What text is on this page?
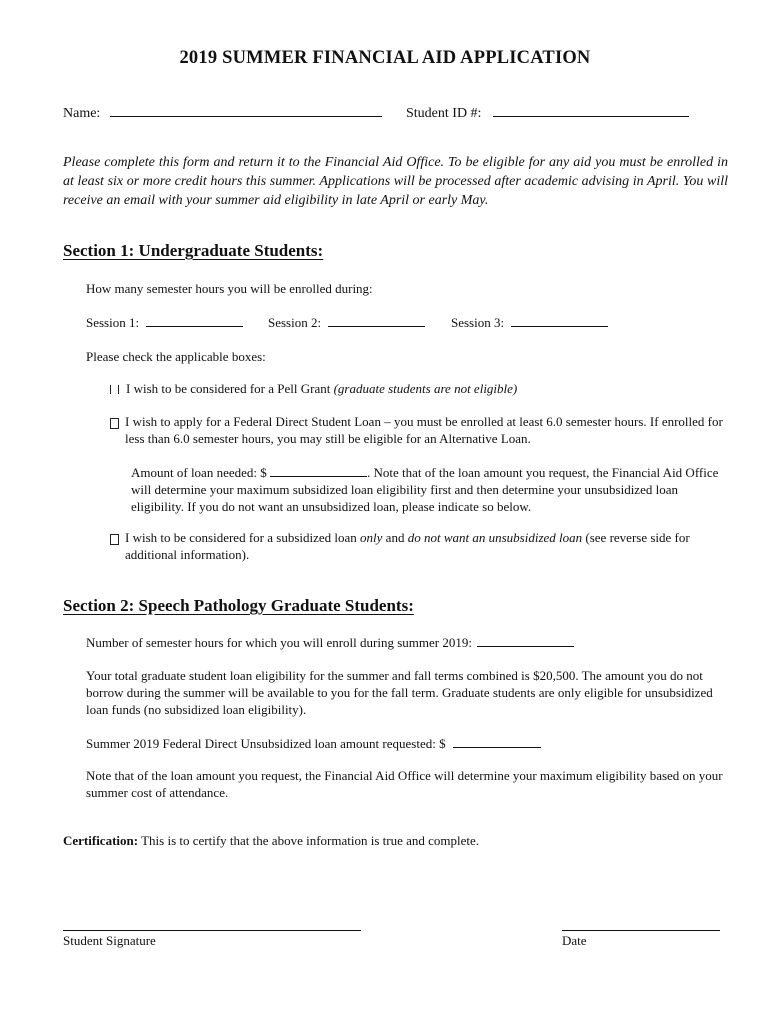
2019 SUMMER FINANCIAL AID APPLICATION
Name:	Student ID #:
Please complete this form and return it to the Financial Aid Office. To be eligible for any aid you must be enrolled in at least six or more credit hours this summer. Applications will be processed after academic advising in April. You will receive an email with your summer aid eligibility in late April or early May.
Section 1: Undergraduate Students:
How many semester hours you will be enrolled during:
Session 1:	Session 2:	Session 3:
Please check the applicable boxes:
I wish to be considered for a Pell Grant (graduate students are not eligible)
I wish to apply for a Federal Direct Student Loan – you must be enrolled at least 6.0 semester hours. If enrolled for less than 6.0 semester hours, you may still be eligible for an Alternative Loan.
Amount of loan needed: $	. Note that of the loan amount you request, the Financial Aid Office will determine your maximum subsidized loan eligibility first and then determine your unsubsidized loan eligibility. If you do not want an unsubsidized loan, please indicate so below.
I wish to be considered for a subsidized loan only and do not want an unsubsidized loan (see reverse side for additional information).
Section 2: Speech Pathology Graduate Students:
Number of semester hours for which you will enroll during summer 2019:
Your total graduate student loan eligibility for the summer and fall terms combined is $20,500. The amount you do not borrow during the summer will be available to you for the fall term. Graduate students are only eligible for unsubsidized loan funds (no subsidized loan eligibility).
Summer 2019 Federal Direct Unsubsidized loan amount requested: $
Note that of the loan amount you request, the Financial Aid Office will determine your maximum eligibility based on your summer cost of attendance.
Certification: This is to certify that the above information is true and complete.
Student Signature	Date
